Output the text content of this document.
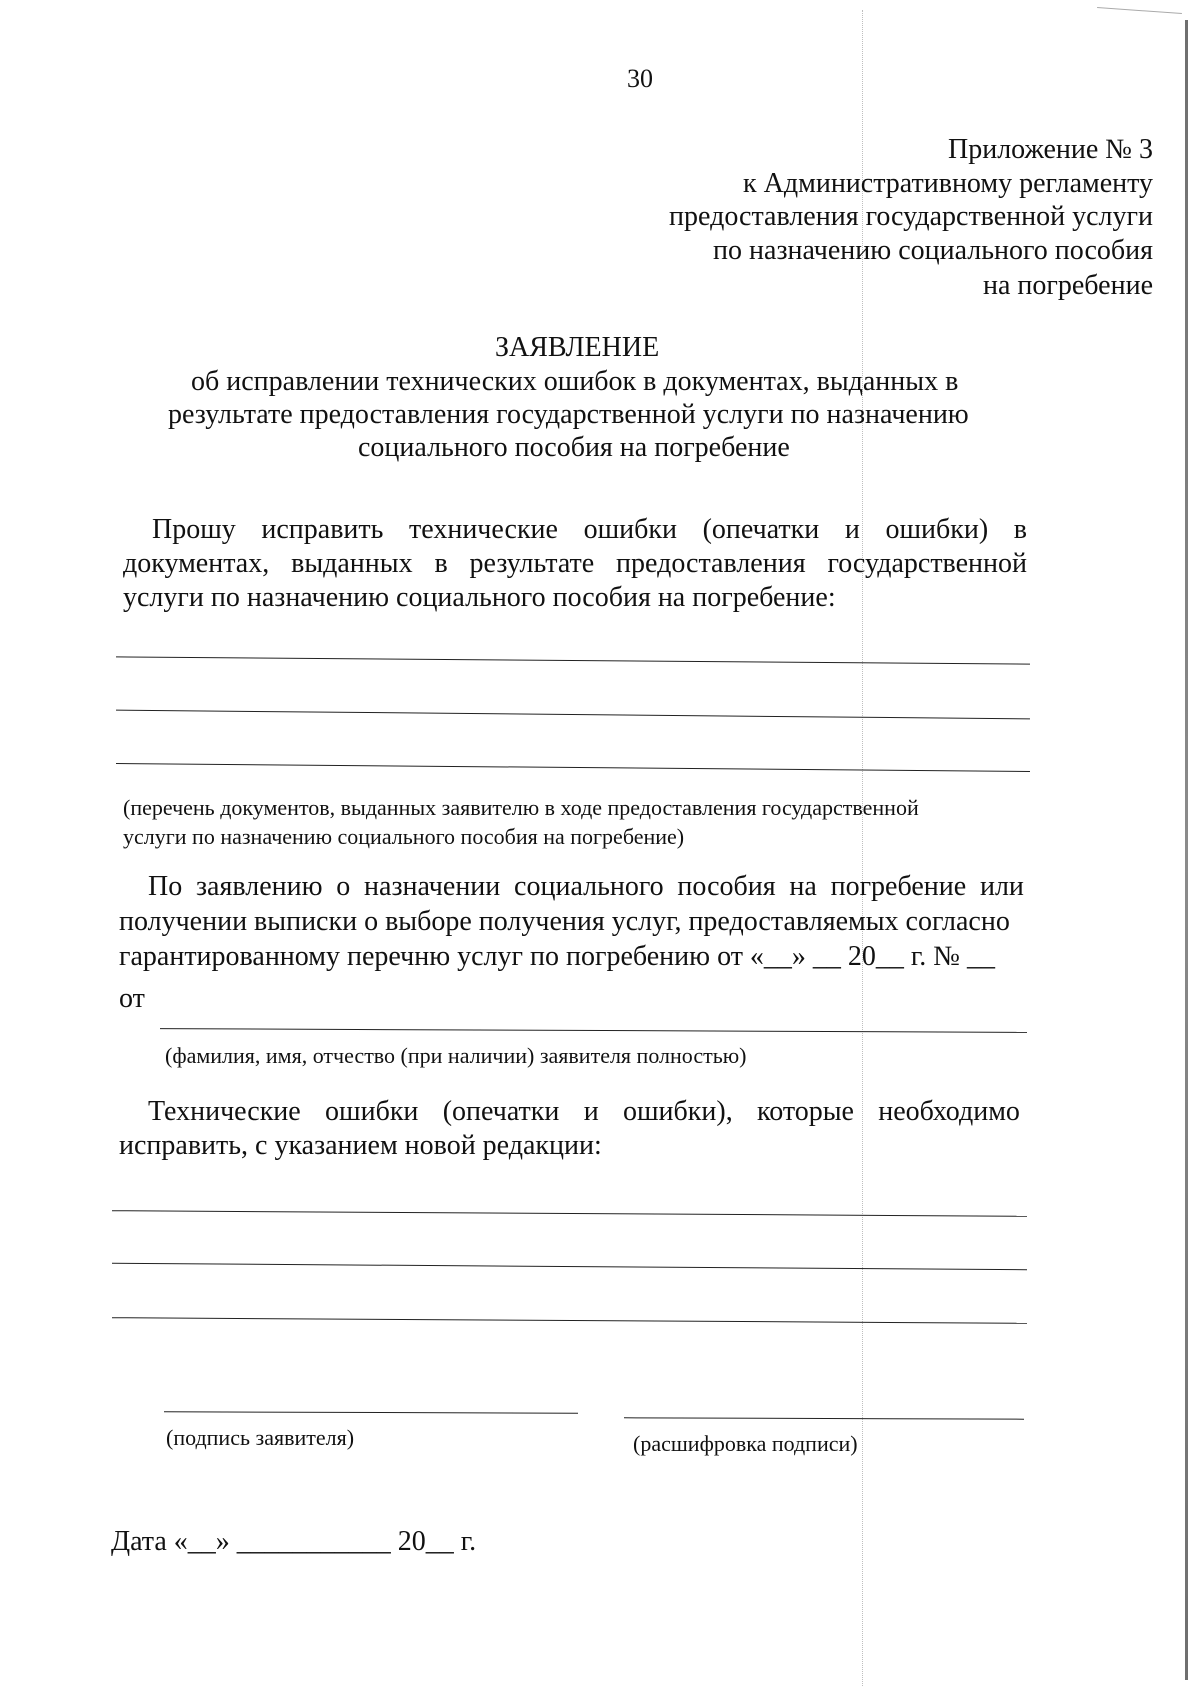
30
Приложение № 3
к Административному регламенту
предоставления государственной услуги
по назначению социального пособия
на погребение
ЗАЯВЛЕНИЕ
об исправлении технических ошибок в документах, выданных в
результате предоставления государственной услуги по назначению
социального пособия на погребение
Прошу исправить технические ошибки (опечатки и ошибки) в
документах, выданных в результате предоставления государственной
услуги по назначению социального пособия на погребение:
(перечень документов, выданных заявителю в ходе предоставления государственной
услуги по назначению социального пособия на погребение)
По заявлению о назначении социального пособия на погребение или
получении выписки о выборе получения услуг, предоставляемых согласно
гарантированному перечню услуг по погребению от «__» __ 20__ г. № __
от
(фамилия, имя, отчество (при наличии) заявителя полностью)
Технические ошибки (опечатки и ошибки), которые необходимо
исправить, с указанием новой редакции:
(подпись заявителя)	(расшифровка подписи)
Дата «__» ___________ 20__ г.
